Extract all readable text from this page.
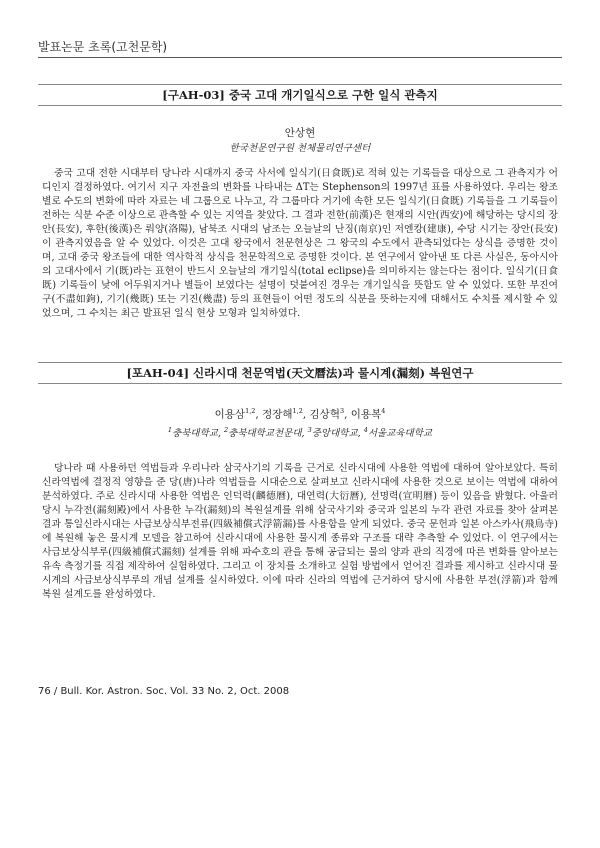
발표논문 초록(고천문학)
[구AH-03] 중국 고대 개기일식으로 구한 일식 관측지
안상현
한국천문연구원 천체물리연구센터

중국 고대 전한 시대부터 당나라 시대까지 중국 사서에 일식기(日食既)로 적혀 있는 기록들을 대상으로 그 관측지가 어디인지 결정하였다. 여기서 지구 자전율의 변화를 나타내는 ΔT는 Stephenson의 1997년 표를 사용하였다. 우리는 왕조별로 수도의 변화에 따라 자료는 네 그룹으로 나누고, 각 그룹마다 거기에 속한 모든 일식기(日食既) 기록들을 그 기록들이 전하는 식분 수준 이상으로 관측할 수 있는 지역을 찾았다. 그 결과 전한(前漢)은 현재의 시안(西安)에 해당하는 당시의 장안(長安), 후한(後漢)은 뤄양(洛陽), 남북조 시대의 남조는 오늘날의 난징(南京)인 저엔캉(建康), 수당 시기는 장안(長安)이 관측지였음을 알 수 있었다. 이것은 고대 왕국에서 천문현상은 그 왕국의 수도에서 관측되었다는 상식을 증명한 것이며, 고대 중국 왕조들에 대한 역사학적 상식을 천문학적으로 증명한 것이다. 본 연구에서 알아낸 또 다른 사실은, 동아시아의 고대사에서 기(既)라는 표현이 반드시 오늘날의 개기일식(total eclipse)을 의미하지는 않는다는 점이다. 일식기(日食既) 기록들이 낮에 어두워지거나 별들이 보였다는 설명이 덧붙여진 경우는 개기일식을 뜻함도 알 수 있었다. 또한 부진여구(不盡如鉤), 기기(幾既) 또는 기진(幾盡) 등의 표현들이 어떤 정도의 식분을 뜻하는지에 대해서도 수치를 제시할 수 있었으며, 그 수치는 최근 발표된 일식 현상 모형과 일치하였다.

[포AH-04] 신라시대 천문역법(天文曆法)과 물시계(漏刻) 복원연구
이용삼$^{1,2}$, 정장해$^{1,2}$, 김상혁$^3$, 이용복$^4$
$^1$충북대학교, $^2$충북대학교천문대, $^3$중앙대학교, $^4$서울교육대학교

당나라 때 사용하던 역법들과 우리나라 삼국사기의 기록을 근거로 신라시대에 사용한 역법에 대하여 알아보았다. 특히 신라역법에 결정적 영향을 준 당(唐)나라 역법들을 시대순으로 살펴보고 신라시대에 사용한 것으로 보이는 역법에 대하여 분석하였다. 주로 신라시대 사용한 역법은 인덕력(麟德曆), 대연력(大衍曆), 선명력(宣明曆) 등이 있음을 밝혔다. 아울러 당시 누각전(漏刻殿)에서 사용한 누각(漏刻)의 복원설계를 위해 삼국사기와 중국과 일본의 누각 관련 자료를 찾아 살펴본 결과 통일신라시대는 사급보상식부전류(四級補償式浮箭漏)를 사용함을 알게 되었다. 중국 문헌과 일본 아스카사(飛鳥寺)에 복원해 놓은 물시계 모델을 참고하여 신라시대에 사용한 물시계 종류와 구조를 대략 추측할 수 있었다. 이 연구에서는 사급보상식부루(四級補償式漏刻) 설계를 위해 파수호의 관을 통해 공급되는 물의 양과 관의 직경에 따른 변화를 알아보는 유속 측정기를 직접 제작하여 실험하였다. 그리고 이 장치를 소개하고 실험 방법에서 얻어진 결과를 제시하고 신라시대 물시계의 사급보상식부루의 개념 설계를 실시하였다. 이에 따라 신라의 역법에 근거하여 당시에 사용한 부전(浮箭)과 함께 복원 설계도를 완성하였다.

76 / Bull. Kor. Astron. Soc. Vol. 33 No. 2, Oct. 2008
